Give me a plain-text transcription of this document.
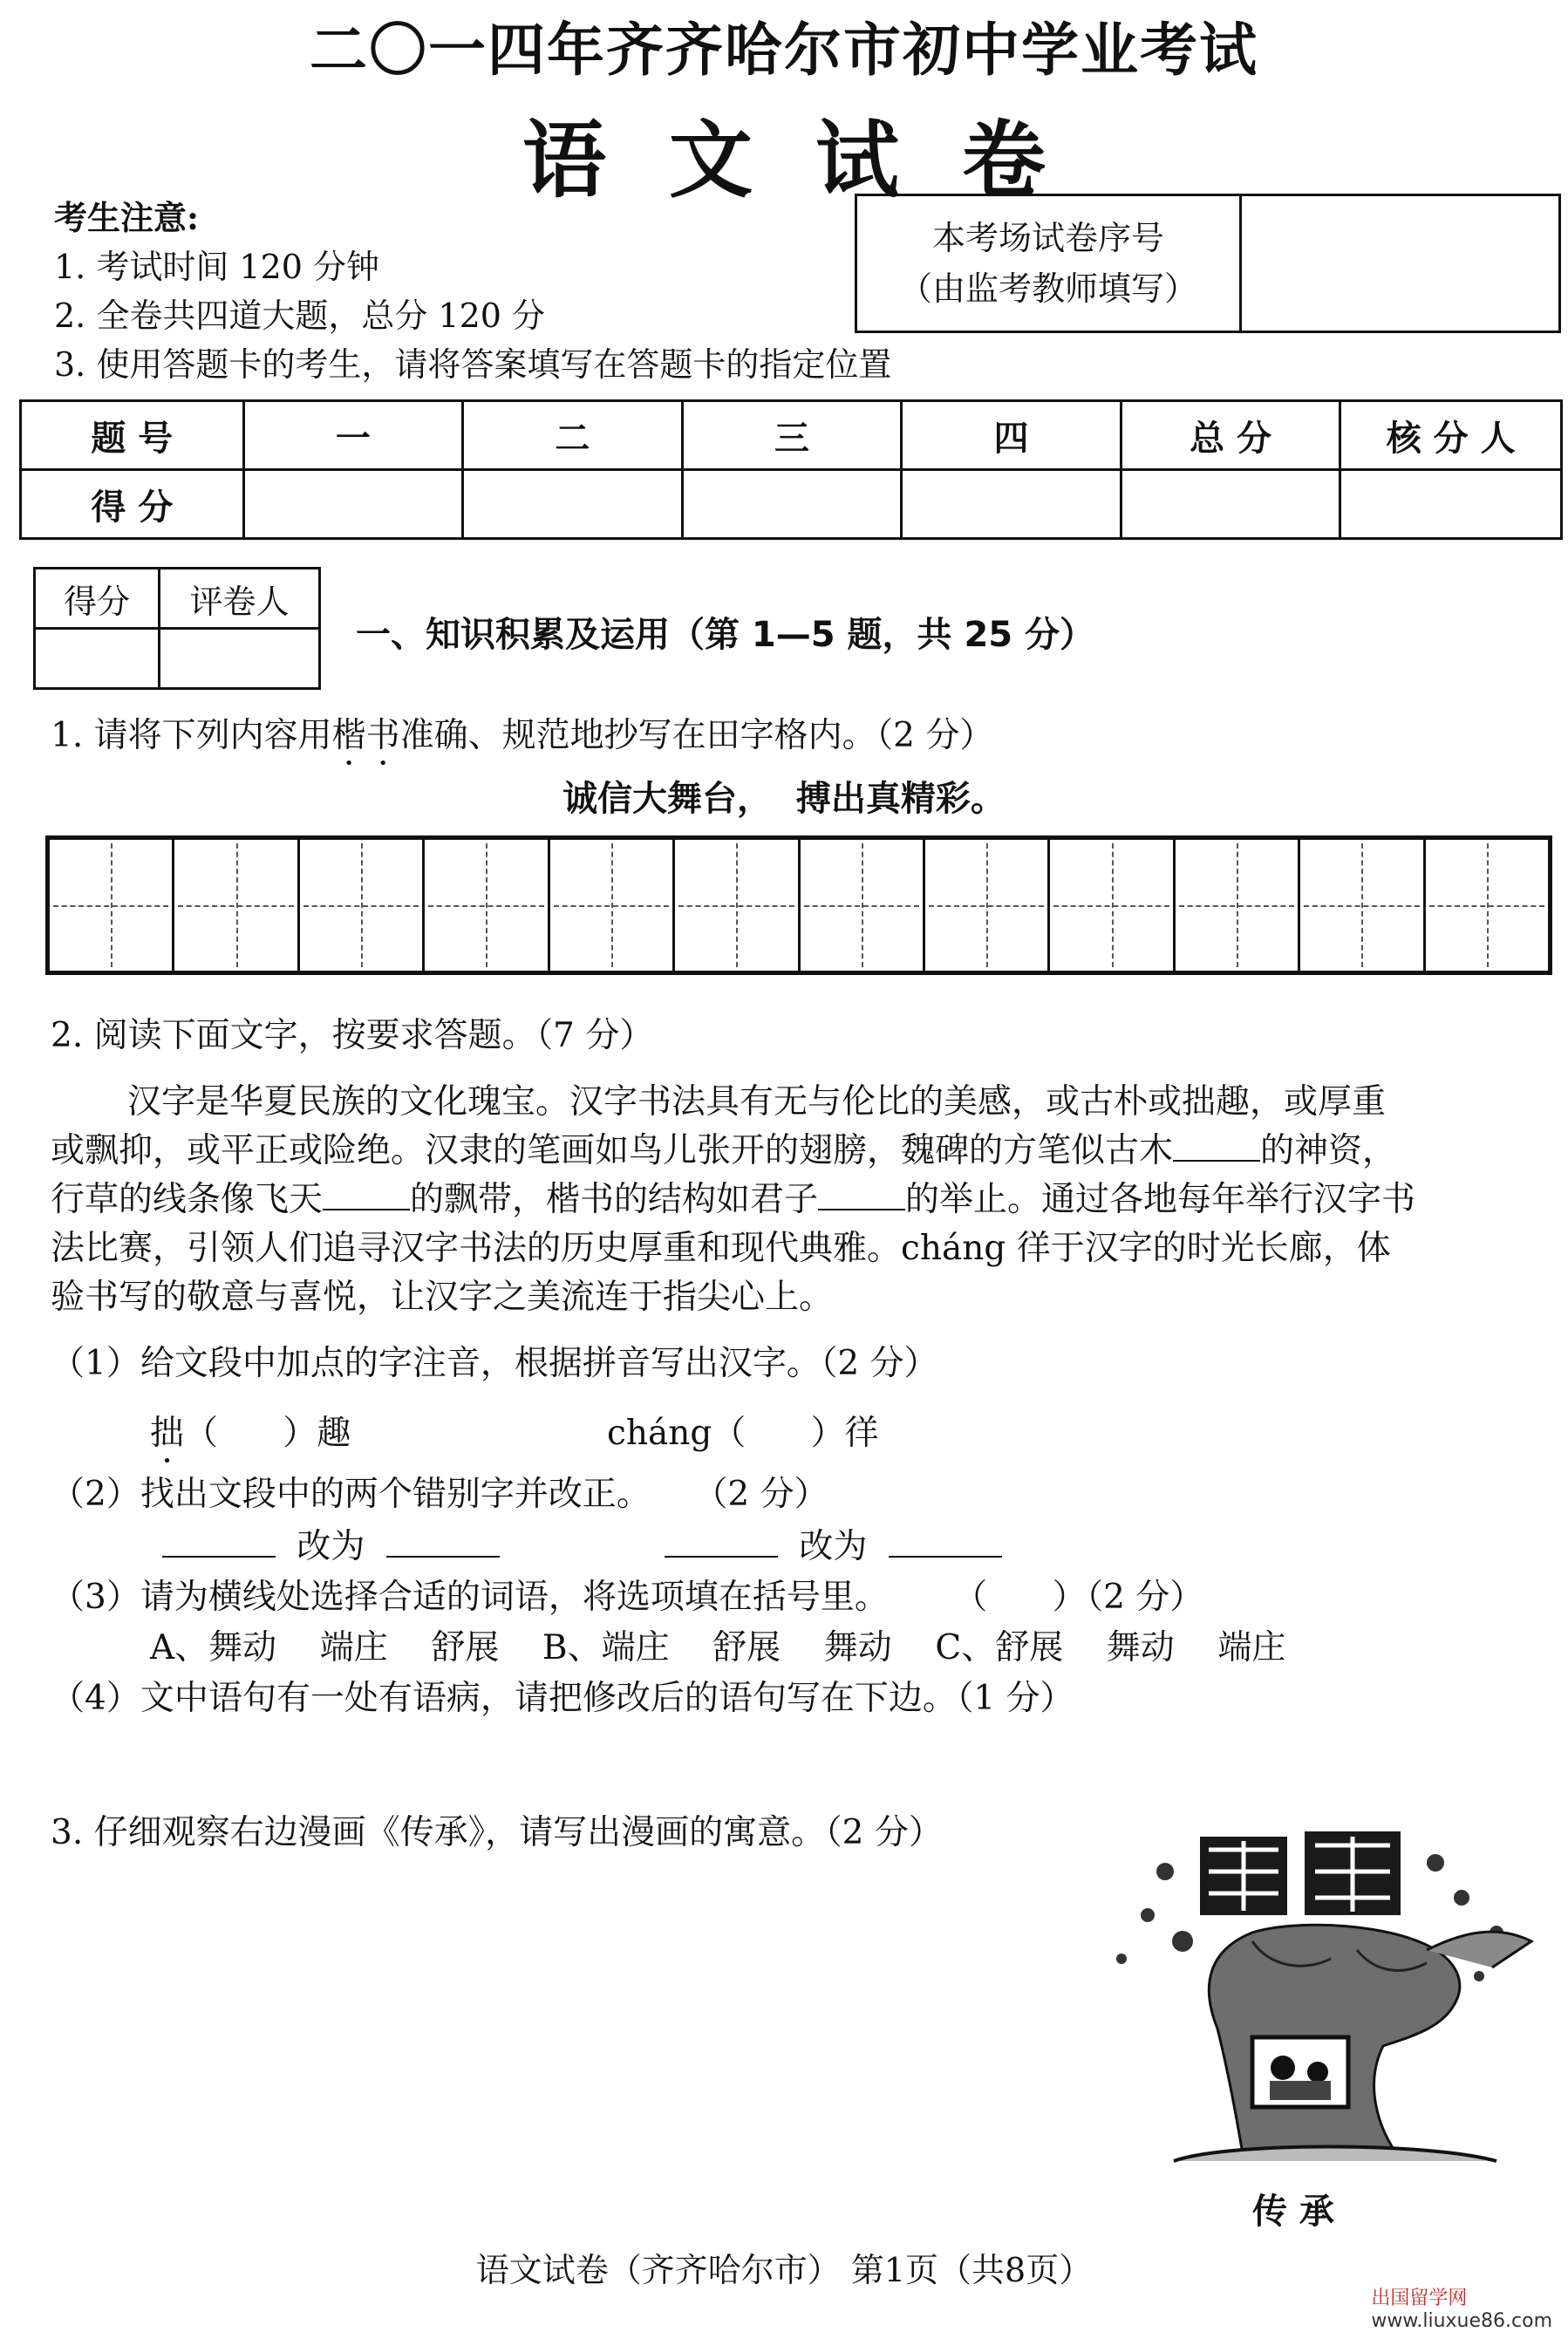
二〇一四年齐齐哈尔市初中学业考试
语文试卷
考生注意:
1. 考试时间 120 分钟
2. 全卷共四道大题，总分 120 分
3. 使用答题卡的考生，请将答案填写在答题卡的指定位置
本考场试卷序号
（由监考教师填写）
题 号	一	二	三	四	总 分	核 分 人
得 分						
得分	评卷人

一、知识积累及运用（第 1—5 题，共 25 分）
1. 请将下列内容用楷书准确、规范地抄写在田字格内。（2 分）
诚信大舞台，  搏出真精彩。
2. 阅读下面文字，按要求答题。（7 分）
汉字是华夏民族的文化瑰宝。汉字书法具有无与伦比的美感，或古朴或拙趣，或厚重
或飘抑，或平正或险绝。汉隶的笔画如鸟儿张开的翅膀，魏碑的方笔似古木	的神资，
行草的线条像飞天	的飘带，楷书的结构如君子	的举止。通过各地每年举行汉字书
法比赛，引领人们追寻汉字书法的历史厚重和现代典雅。cháng 徉于汉字的时光长廊，体
验书写的敬意与喜悦，让汉字之美流连于指尖心上。
（1）给文段中加点的字注音，根据拼音写出汉字。（2 分）
拙（      ）趣	cháng（      ）徉
（2）找出文段中的两个错别字并改正。    （2 分）
改为	改为
（3）请为横线处选择合适的词语，将选项填在括号里。      （      ）（2 分）
A、舞动    端庄    舒展    B、端庄    舒展    舞动    C、舒展    舞动    端庄
（4）文中语句有一处有语病，请把修改后的语句写在下边。（1 分）
3. 仔细观察右边漫画《传承》，请写出漫画的寓意。（2 分）
传 承
语文试卷（齐齐哈尔市） 第1页（共8页）
出国留学网
www.liuxue86.com
